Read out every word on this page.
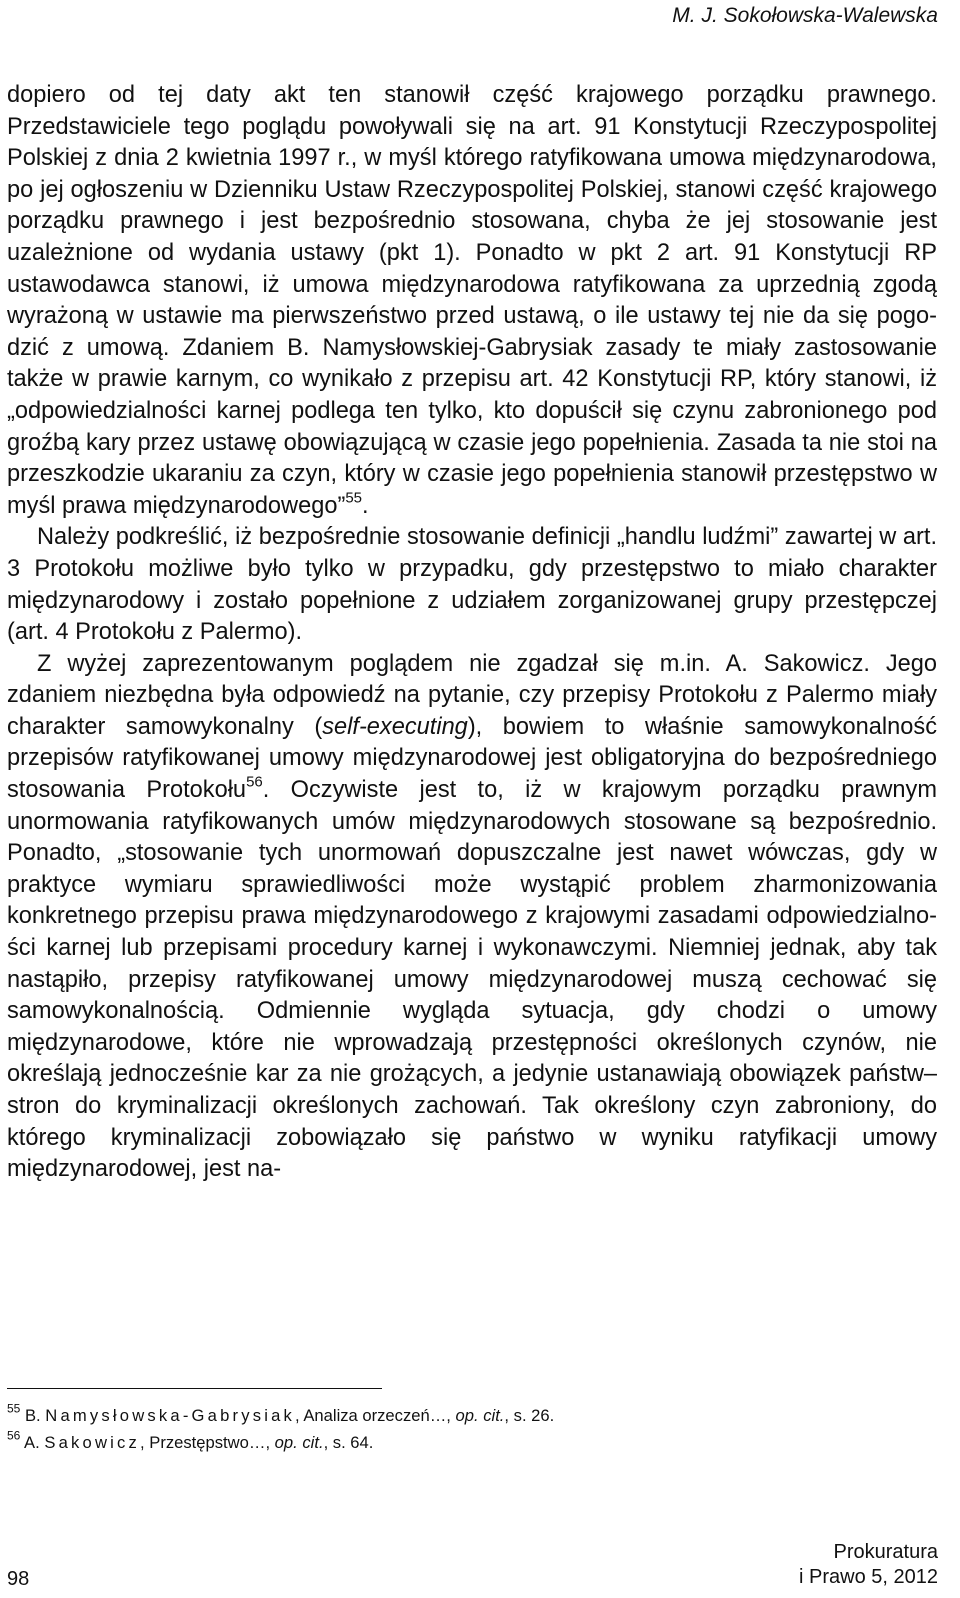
M. J. Sokołowska-Walewska

dopiero od tej daty akt ten stanowił część krajowego porządku prawnego. Przedstawiciele tego poglądu powoływali się na art. 91 Konstytucji Rzeczypospolitej Polskiej z dnia 2 kwietnia 1997 r., w myśl którego ratyfikowana umowa międzynarodowa, po jej ogłoszeniu w Dzienniku Ustaw Rzeczypospolitej Polskiej, stanowi część krajowego porządku prawnego i jest bezpośrednio stosowana, chyba że jej stosowanie jest uzależnione od wydania ustawy (pkt 1). Ponadto w pkt 2 art. 91 Konstytucji RP ustawodawca stanowi, iż umowa międzynarodowa ratyfikowana za uprzednią zgodą wyrażoną w ustawie ma pierwszeństwo przed ustawą, o ile ustawy tej nie da się pogodzić z umową. Zdaniem B. Namysłowskiej-Gabrysiak zasady te miały zastosowanie także w prawie karnym, co wynikało z przepisu art. 42 Konstytucji RP, który stanowi, iż „odpowiedzialności karnej podlega ten tylko, kto dopuścił się czynu zabronionego pod groźbą kary przez ustawę obowiązującą w czasie jego popełnienia. Zasada ta nie stoi na przeszkodzie ukaraniu za czyn, który w czasie jego popełnienia stanowił przestępstwo w myśl prawa międzynarodowego”$^{55}$.

Należy podkreślić, iż bezpośrednie stosowanie definicji „handlu ludźmi” zawartej w art. 3 Protokołu możliwe było tylko w przypadku, gdy przestępstwo to miało charakter międzynarodowy i zostało popełnione z udziałem zorganizowanej grupy przestępczej (art. 4 Protokołu z Palermo).

Z wyżej zaprezentowanym poglądem nie zgadzał się m.in. A. Sakowicz. Jego zdaniem niezbędna była odpowiedź na pytanie, czy przepisy Protokołu z Palermo miały charakter samowykonalny (self-executing), bowiem to właśnie samowykonalność przepisów ratyfikowanej umowy międzynarodowej jest obligatoryjna do bezpośredniego stosowania Protokołu$^{56}$. Oczywiste jest to, iż w krajowym porządku prawnym unormowania ratyfikowanych umów międzynarodowych stosowane są bezpośrednio. Ponadto, „stosowanie tych unormowań dopuszczalne jest nawet wówczas, gdy w praktyce wymiaru sprawiedliwości może wystąpić problem zharmonizowania konkretnego przepisu prawa międzynarodowego z krajowymi zasadami odpowiedzialności karnej lub przepisami procedury karnej i wykonawczymi. Niemniej jednak, aby tak nastąpiło, przepisy ratyfikowanej umowy międzynarodowej muszą cechować się samowykonalnością. Odmiennie wygląda sytuacja, gdy chodzi o umowy międzynarodowe, które nie wprowadzają przestępności określonych czynów, nie określają jednocześnie kar za nie grożących, a jedynie ustanawiają obowiązek państw–stron do kryminalizacji określonych zachowań. Tak określony czyn zabroniony, do którego kryminalizacji zobowiązało się państwo w wyniku ratyfikacji umowy międzynarodowej, jest na-

$^{55}$ B. Namysłowska-Gabrysiak, Analiza orzeczeń…, op. cit., s. 26.
$^{56}$ A. Sakowicz, Przestępstwo…, op. cit., s. 64.
98
Prokuratura
i Prawo 5, 2012
